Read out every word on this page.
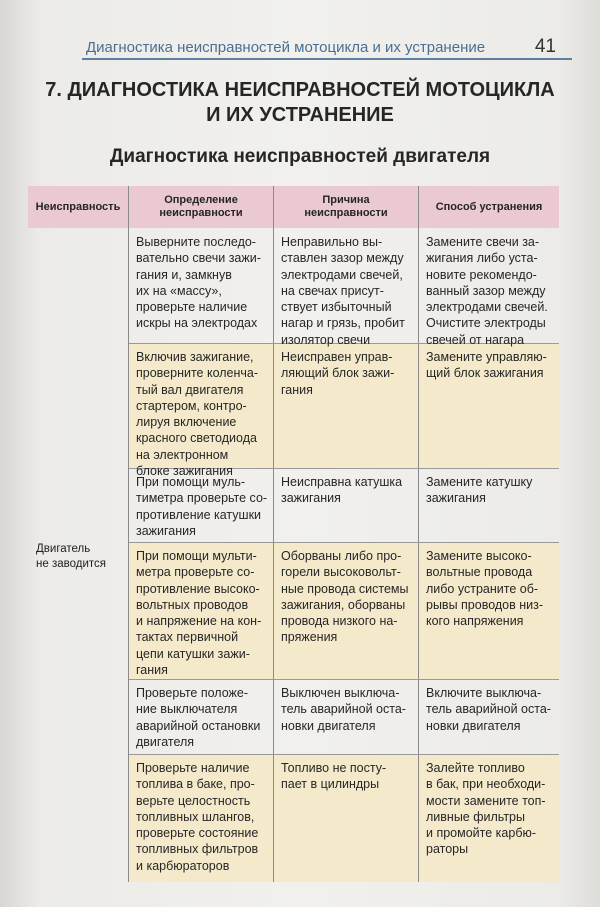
Диагностика неисправностей мотоцикла и их устранение	41
7. ДИАГНОСТИКА НЕИСПРАВНОСТЕЙ МОТОЦИКЛА
И ИХ УСТРАНЕНИЕ
Диагностика неисправностей двигателя
Неисправность
Определение
неисправности
Причина
неисправности
Способ устранения
Двигатель
не заводится
Выверните последо-
вательно свечи зажи-
гания и, замкнув
их на «массу»,
проверьте наличие
искры на электродах
Неправильно вы-
ставлен зазор между
электродами свечей,
на свечах присут-
ствует избыточный
нагар и грязь, пробит
изолятор свечи
Замените свечи за-
жигания либо уста-
новите рекомендо-
ванный зазор между
электродами свечей.
Очистите электроды
свечей от нагара
Включив зажигание,
проверните коленча-
тый вал двигателя
стартером, контро-
лируя включение
красного светодиода
на электронном
блоке зажигания
Неисправен управ-
ляющий блок зажи-
гания
Замените управляю-
щий блок зажигания
При помощи муль-
тиметра проверьте со-
противление катушки
зажигания
Неисправна катушка
зажигания
Замените катушку
зажигания
При помощи мульти-
метра проверьте со-
противление высоко-
вольтных проводов
и напряжение на кон-
тактах первичной
цепи катушки зажи-
гания
Оборваны либо про-
горели высоковольт-
ные провода системы
зажигания, оборваны
провода низкого на-
пряжения
Замените высоко-
вольтные провода
либо устраните об-
рывы проводов низ-
кого напряжения
Проверьте положе-
ние выключателя
аварийной остановки
двигателя
Выключен выключа-
тель аварийной оста-
новки двигателя
Включите выключа-
тель аварийной оста-
новки двигателя
Проверьте наличие
топлива в баке, про-
верьте целостность
топливных шлангов,
проверьте состояние
топливных фильтров
и карбюраторов
Топливо не посту-
пает в цилиндры
Залейте топливо
в бак, при необходи-
мости замените топ-
ливные фильтры
и промойте карбю-
раторы
